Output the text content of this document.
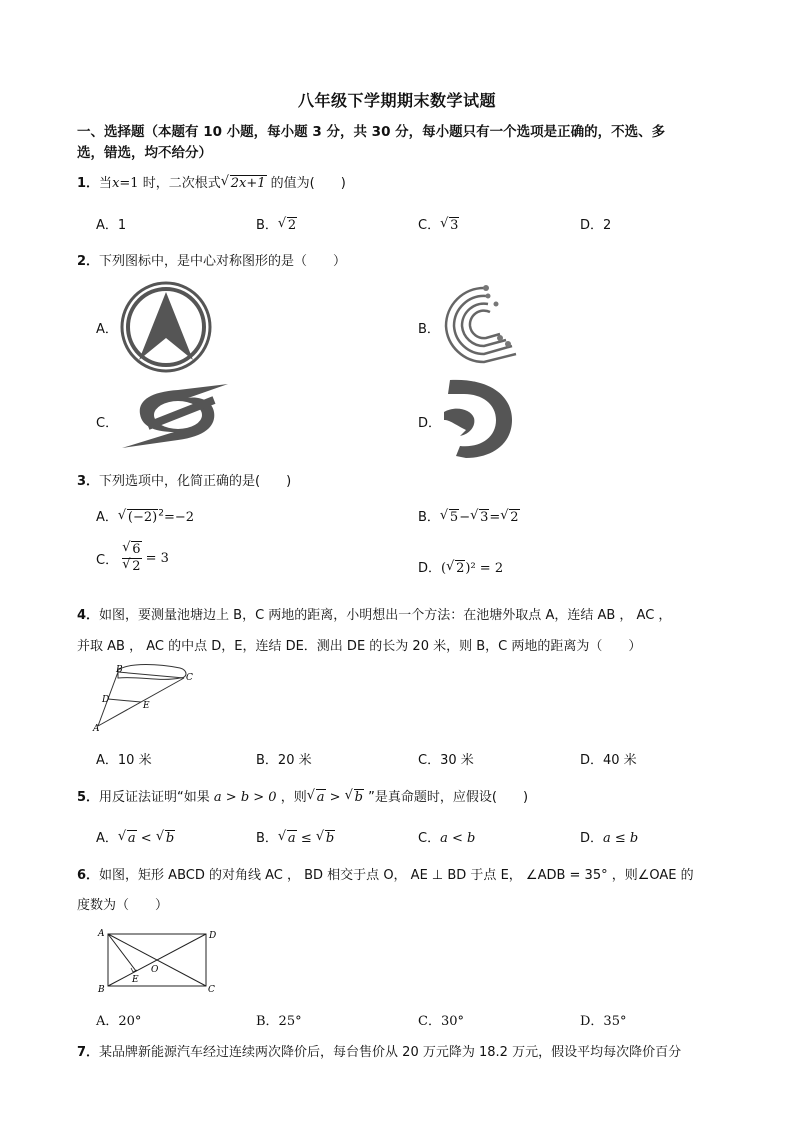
八年级下学期期末数学试题
一、选择题（本题有 10 小题，每小题 3 分，共 30 分，每小题只有一个选项是正确的，不选、多
选，错选，均不给分）
1．当x=1 时，二次根式 √ 2x+1 的值为(　　)
A．1	B． √ 2	C． √ 3	D．2
2．下列图标中，是中心对称图形的是（　　）
A．	B．
C．	D．
3．下列选项中，化简正确的是(　　)
A． √ $(-2)^2=-2$	B． √ 5− √ 3= √ 2
C． √ 6
√ 2 = 3
D．( √ 2)² = 2
4．如图，要测量池塘边上 B，C 两地的距离，小明想出一个方法：在池塘外取点 A，连结 AB ， AC ，
并取 AB ， AC 的中点 D，E，连结 DE．测出 DE 的长为 20 米，则 B，C 两地的距离为（　　）
B
C
D
E
A
A．10 米	B．20 米	C．30 米	D．40 米
5．用反证法证明“如果 a > b > 0 ，则 √ a > √ b ”是真命题时，应假设(　　)
A． √ a < √ b	B． √ a ≤ √ b	C．a < b	D．a ≤ b
6．如图，矩形 ABCD 的对角线 AC ， BD 相交于点 O， AE ⊥ BD 于点 E， ∠ADB = 35° ，则∠OAE 的
度数为（　　）
A	D
O
E
B	C
A．20°	B．25°	C．30°	D．35°
7．某品牌新能源汽车经过连续两次降价后，每台售价从 20 万元降为 18.2 万元，假设平均每次降价百分
